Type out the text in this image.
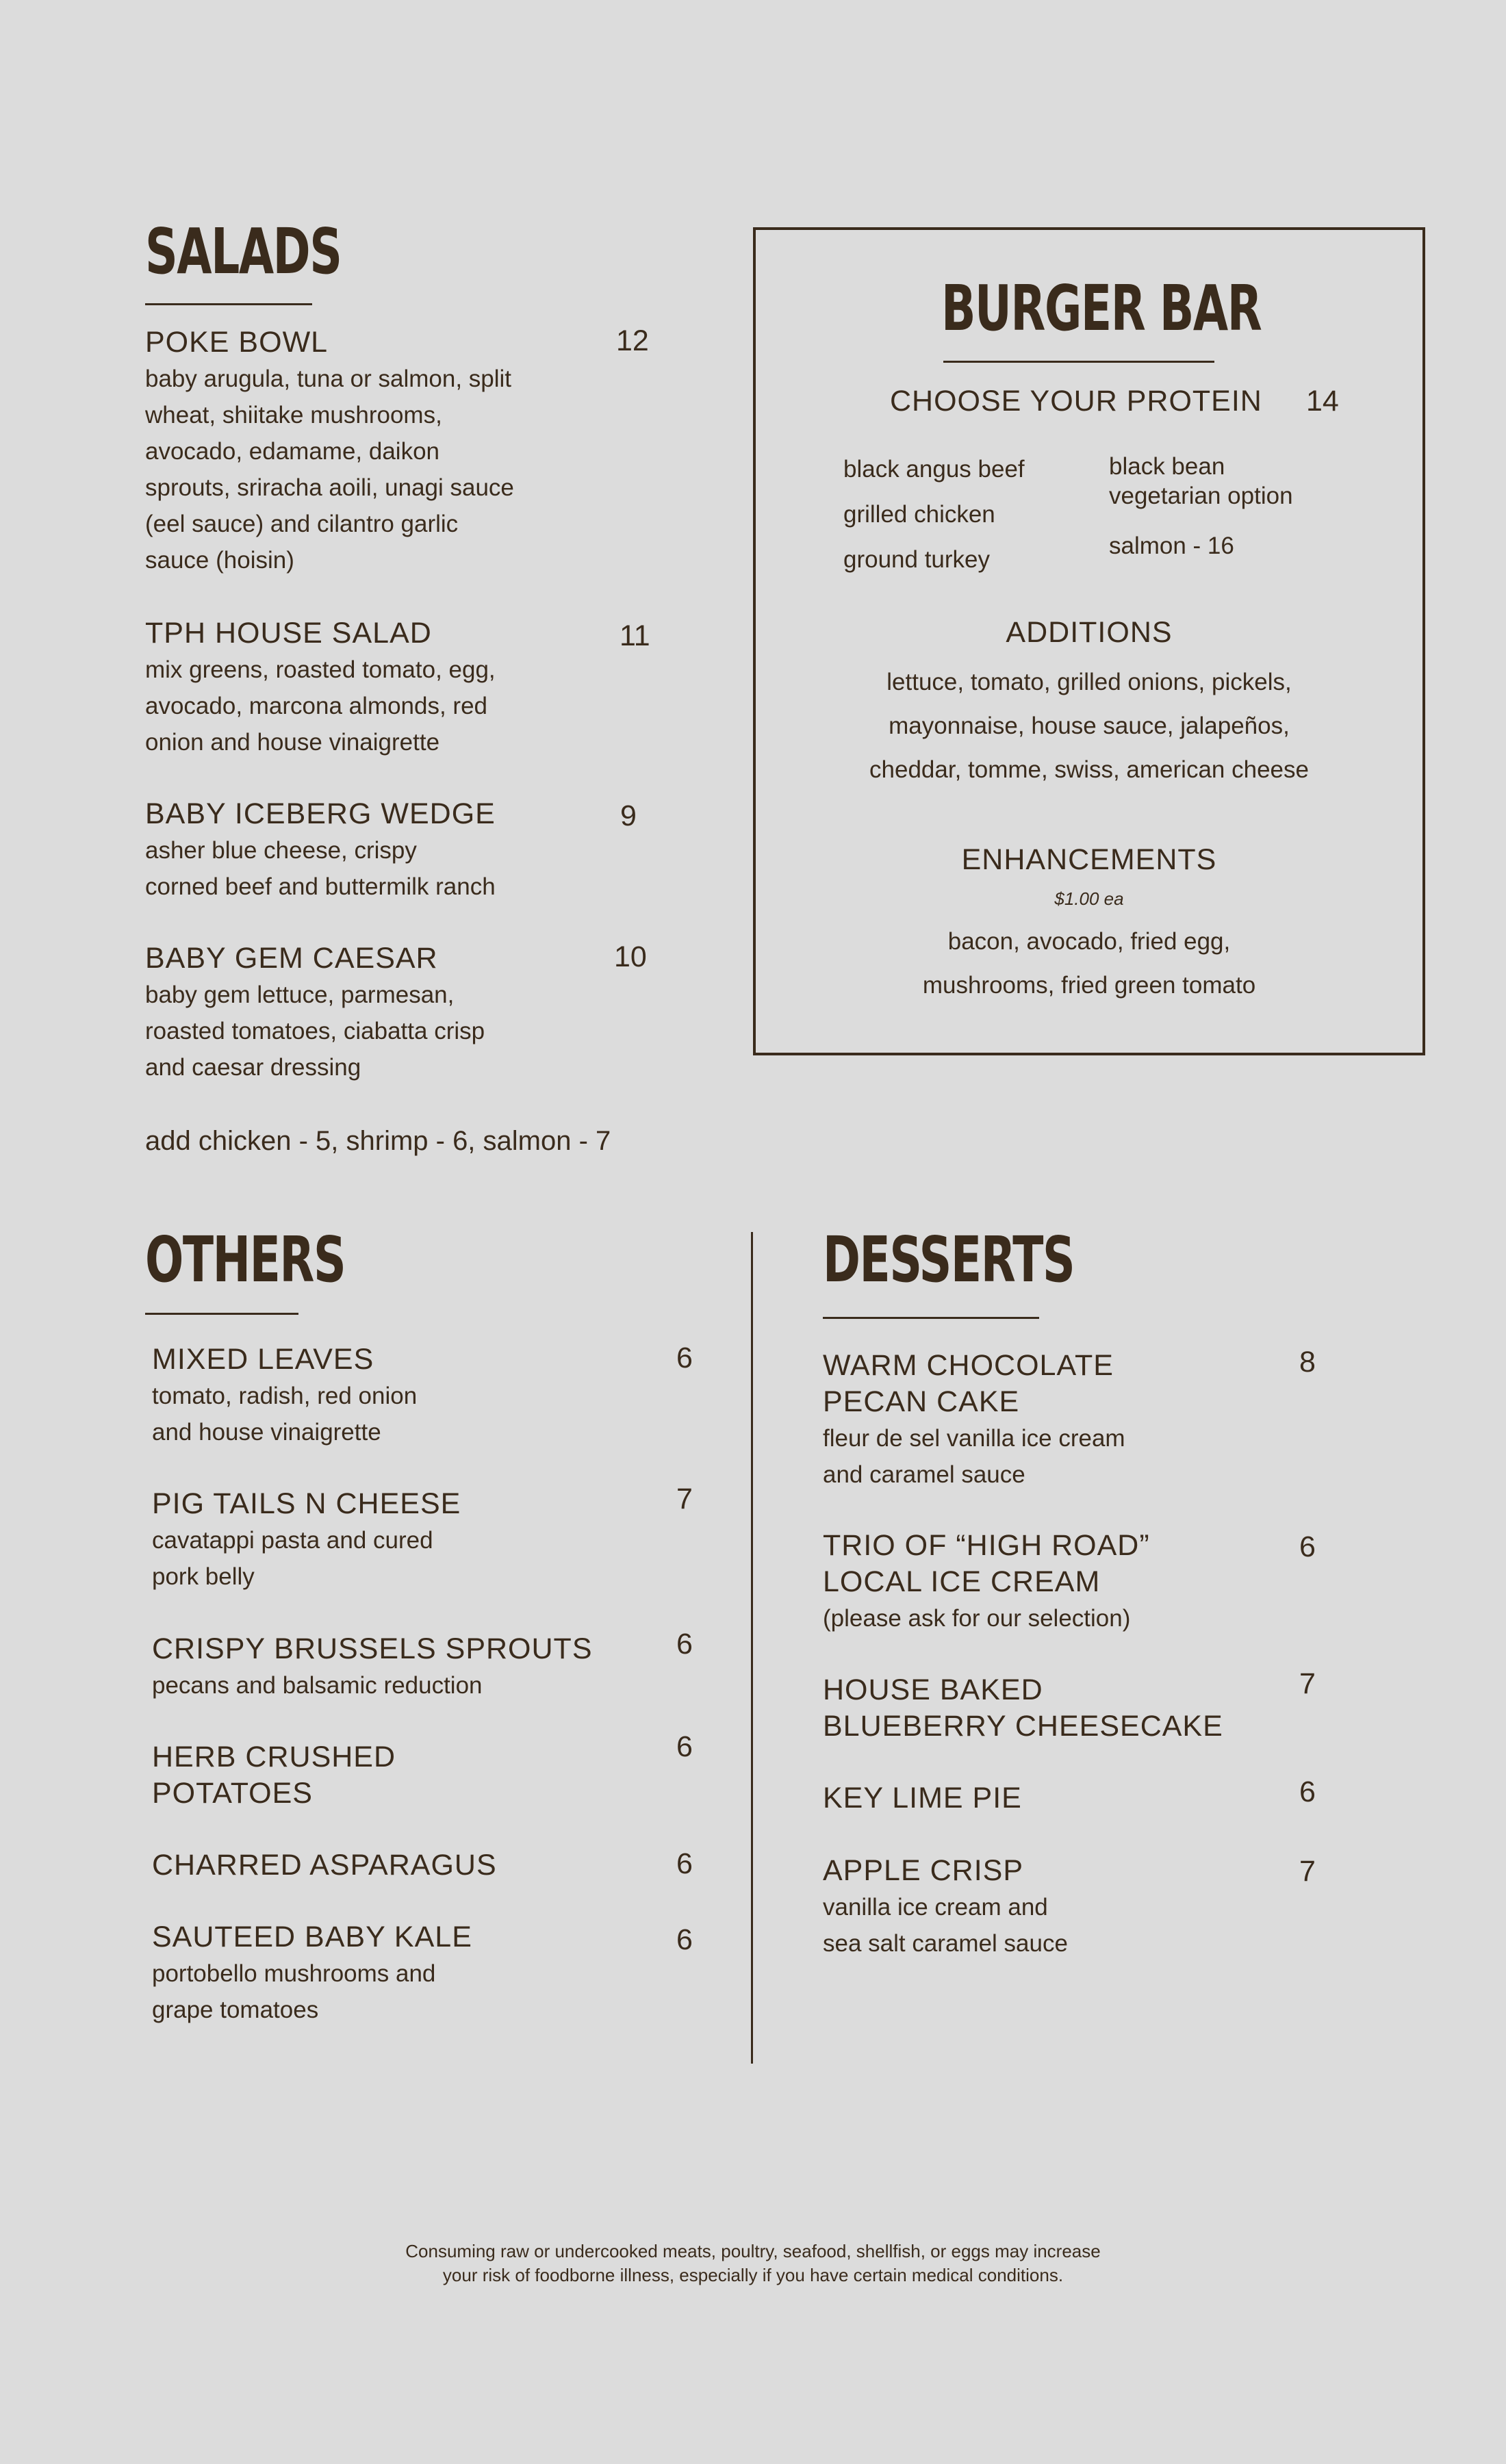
SALADS
POKE BOWL
baby arugula, tuna or salmon, split
wheat, shiitake mushrooms,
avocado, edamame, daikon
sprouts, sriracha aoili, unagi sauce
(eel sauce) and cilantro garlic
sauce (hoisin)
12
TPH HOUSE SALAD
mix greens, roasted tomato, egg,
avocado, marcona almonds, red
onion and house vinaigrette
11
BABY ICEBERG WEDGE
asher blue cheese, crispy
corned beef and buttermilk ranch
9
BABY GEM CAESAR
baby gem lettuce, parmesan,
roasted tomatoes, ciabatta crisp
and caesar dressing
10
add chicken - 5, shrimp - 6, salmon - 7
BURGER BAR
CHOOSE YOUR PROTEIN 14
black angus beef
grilled chicken
ground turkey
black bean
vegetarian option
salmon - 16
ADDITIONS
lettuce, tomato, grilled onions, pickels,
mayonnaise, house sauce, jalapeños,
cheddar, tomme, swiss, american cheese
ENHANCEMENTS
$1.00 ea
bacon, avocado, fried egg,
mushrooms, fried green tomato
OTHERS
MIXED LEAVES
tomato, radish, red onion
and house vinaigrette
6
PIG TAILS N CHEESE
cavatappi pasta and cured
pork belly
7
CRISPY BRUSSELS SPROUTS
pecans and balsamic reduction
6
HERB CRUSHED
POTATOES
6
CHARRED ASPARAGUS	6
SAUTEED BABY KALE
portobello mushrooms and
grape tomatoes
6
DESSERTS
WARM CHOCOLATE
PECAN CAKE
fleur de sel vanilla ice cream
and caramel sauce
8
TRIO OF “HIGH ROAD”
LOCAL ICE CREAM
(please ask for our selection)
6
HOUSE BAKED
BLUEBERRY CHEESECAKE
7
KEY LIME PIE	6
APPLE CRISP
vanilla ice cream and
sea salt caramel sauce
7
Consuming raw or undercooked meats, poultry, seafood, shellfish, or eggs may increase
your risk of foodborne illness, especially if you have certain medical conditions.
